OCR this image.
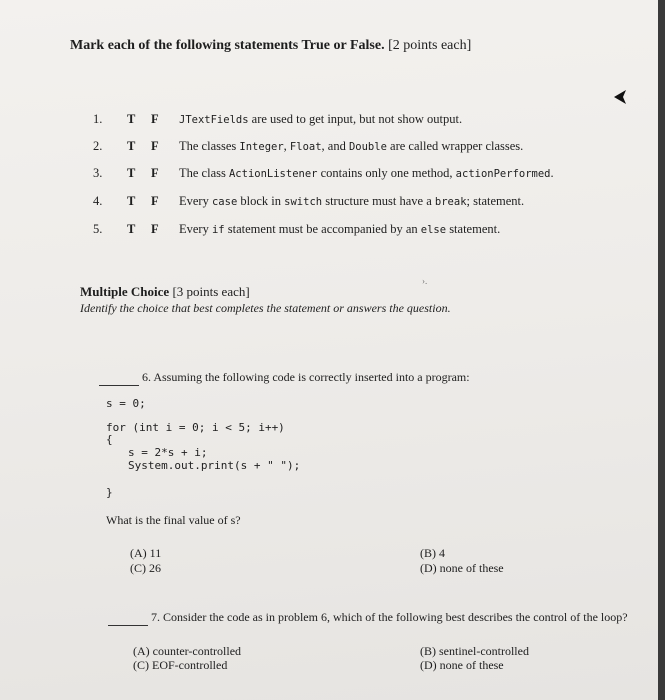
Mark each of the following statements True or False. [2 points each]
1. T F JTextFields are used to get input, but not show output.
2. T F The classes Integer, Float, and Double are called wrapper classes.
3. T F The class ActionListener contains only one method, actionPerformed.
4. T F Every case block in switch structure must have a break; statement.
5. T F Every if statement must be accompanied by an else statement.
›.
Multiple Choice [3 points each]
Identify the choice that best completes the statement or answers the question.
6. Assuming the following code is correctly inserted into a program:
s = 0;
for (int i = 0; i < 5; i++)
{
s = 2*s + i;
System.out.print(s + " ");
}
What is the final value of s?
(A) 11	(B) 4
(C) 26	(D) none of these
7. Consider the code as in problem 6, which of the following best describes the control of the loop?
(A) counter-controlled	(B) sentinel-controlled
(C) EOF-controlled	(D) none of these
